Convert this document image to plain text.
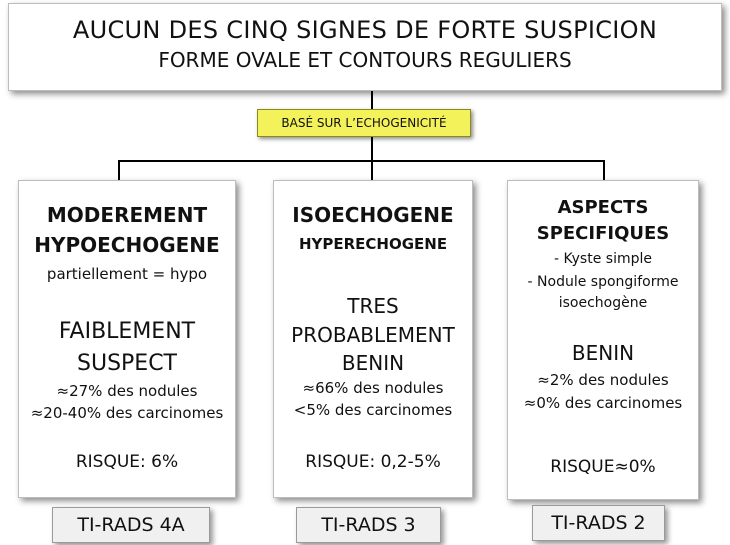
AUCUN DES CINQ SIGNES DE FORTE SUSPICION
FORME OVALE ET CONTOURS REGULIERS
BASÉ SUR L’ECHOGENICITÉ
MODEREMENT
HYPOECHOGENE
partiellement = hypo
FAIBLEMENT
SUSPECT
≈27% des nodules
≈20-40% des carcinomes
RISQUE: 6%
ISOECHOGENE
HYPERECHOGENE
TRES
PROBABLEMENT
BENIN
≈66% des nodules
<5% des carcinomes
RISQUE: 0,2-5%
ASPECTS
SPECIFIQUES
- Kyste simple
- Nodule spongiforme
isoechogène
BENIN
≈2% des nodules
≈0% des carcinomes
RISQUE≈0%
TI-RADS 4A	TI-RADS 3	TI-RADS 2
